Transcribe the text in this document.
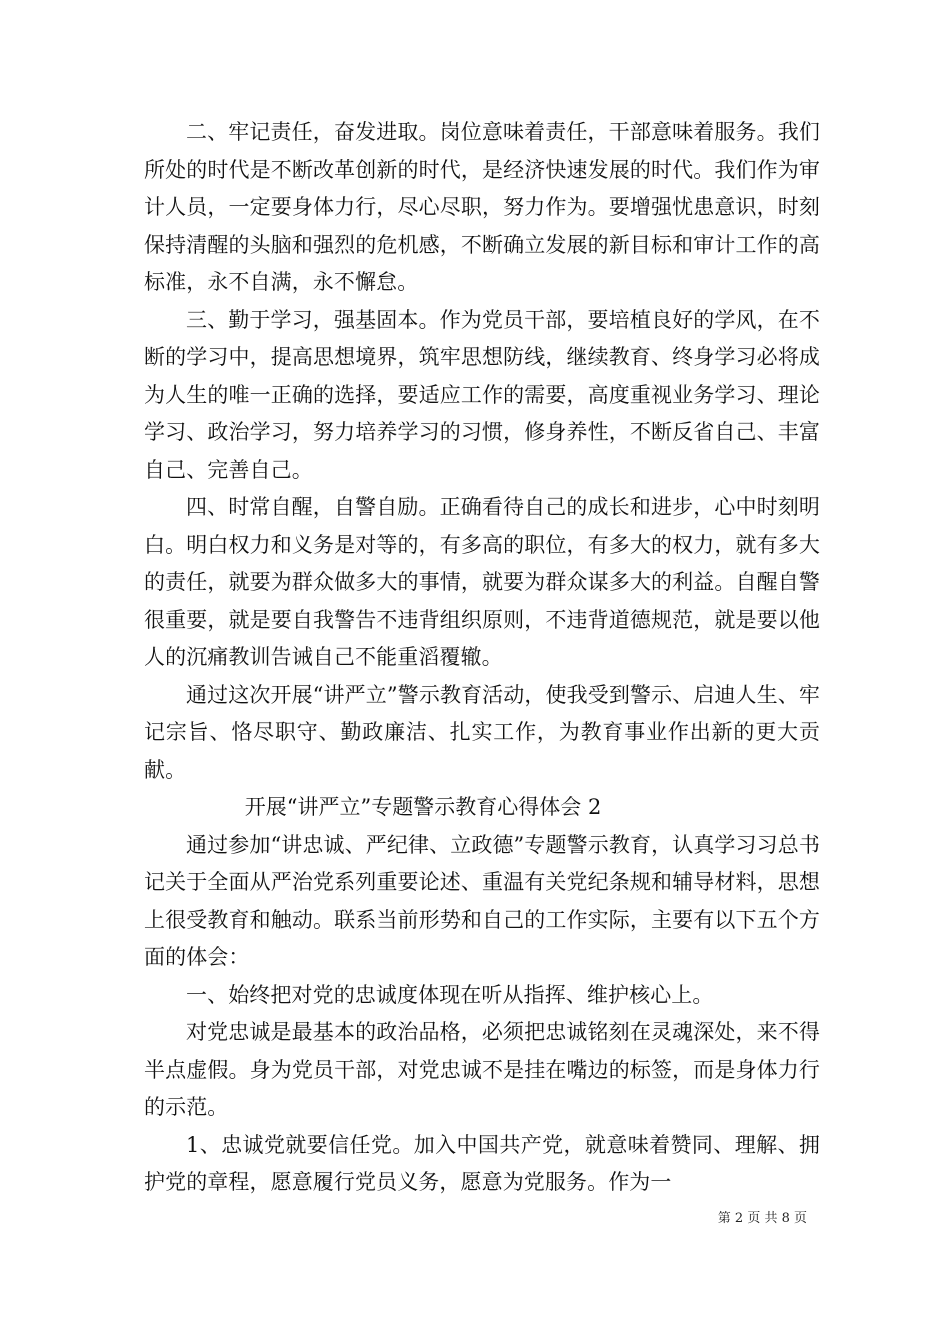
二、牢记责任，奋发进取。岗位意味着责任，干部意味着服务。我们所处的时代是不断改革创新的时代，是经济快速发展的时代。我们作为审计人员，一定要身体力行，尽心尽职，努力作为。要增强忧患意识，时刻保持清醒的头脑和强烈的危机感，不断确立发展的新目标和审计工作的高标准，永不自满，永不懈怠。

三、勤于学习，强基固本。作为党员干部，要培植良好的学风，在不断的学习中，提高思想境界，筑牢思想防线，继续教育、终身学习必将成为人生的唯一正确的选择，要适应工作的需要，高度重视业务学习、理论学习、政治学习，努力培养学习的习惯，修身养性，不断反省自己、丰富自己、完善自己。

四、时常自醒，自警自励。正确看待自己的成长和进步，心中时刻明白。明白权力和义务是对等的，有多高的职位，有多大的权力，就有多大的责任，就要为群众做多大的事情，就要为群众谋多大的利益。自醒自警很重要，就是要自我警告不违背组织原则，不违背道德规范，就是要以他人的沉痛教训告诫自己不能重滔覆辙。

通过这次开展“讲严立”警示教育活动，使我受到警示、启迪人生、牢记宗旨、恪尽职守、勤政廉洁、扎实工作，为教育事业作出新的更大贡献。

开展“讲严立”专题警示教育心得体会 2

通过参加“讲忠诚、严纪律、立政德”专题警示教育，认真学习习总书记关于全面从严治党系列重要论述、重温有关党纪条规和辅导材料，思想上很受教育和触动。联系当前形势和自己的工作实际，主要有以下五个方面的体会：

一、始终把对党的忠诚度体现在听从指挥、维护核心上。

对党忠诚是最基本的政治品格，必须把忠诚铭刻在灵魂深处，来不得半点虚假。身为党员干部，对党忠诚不是挂在嘴边的标签，而是身体力行的示范。

1、忠诚党就要信任党。加入中国共产党，就意味着赞同、理解、拥护党的章程，愿意履行党员义务，愿意为党服务。作为一

第 2 页 共 8 页
